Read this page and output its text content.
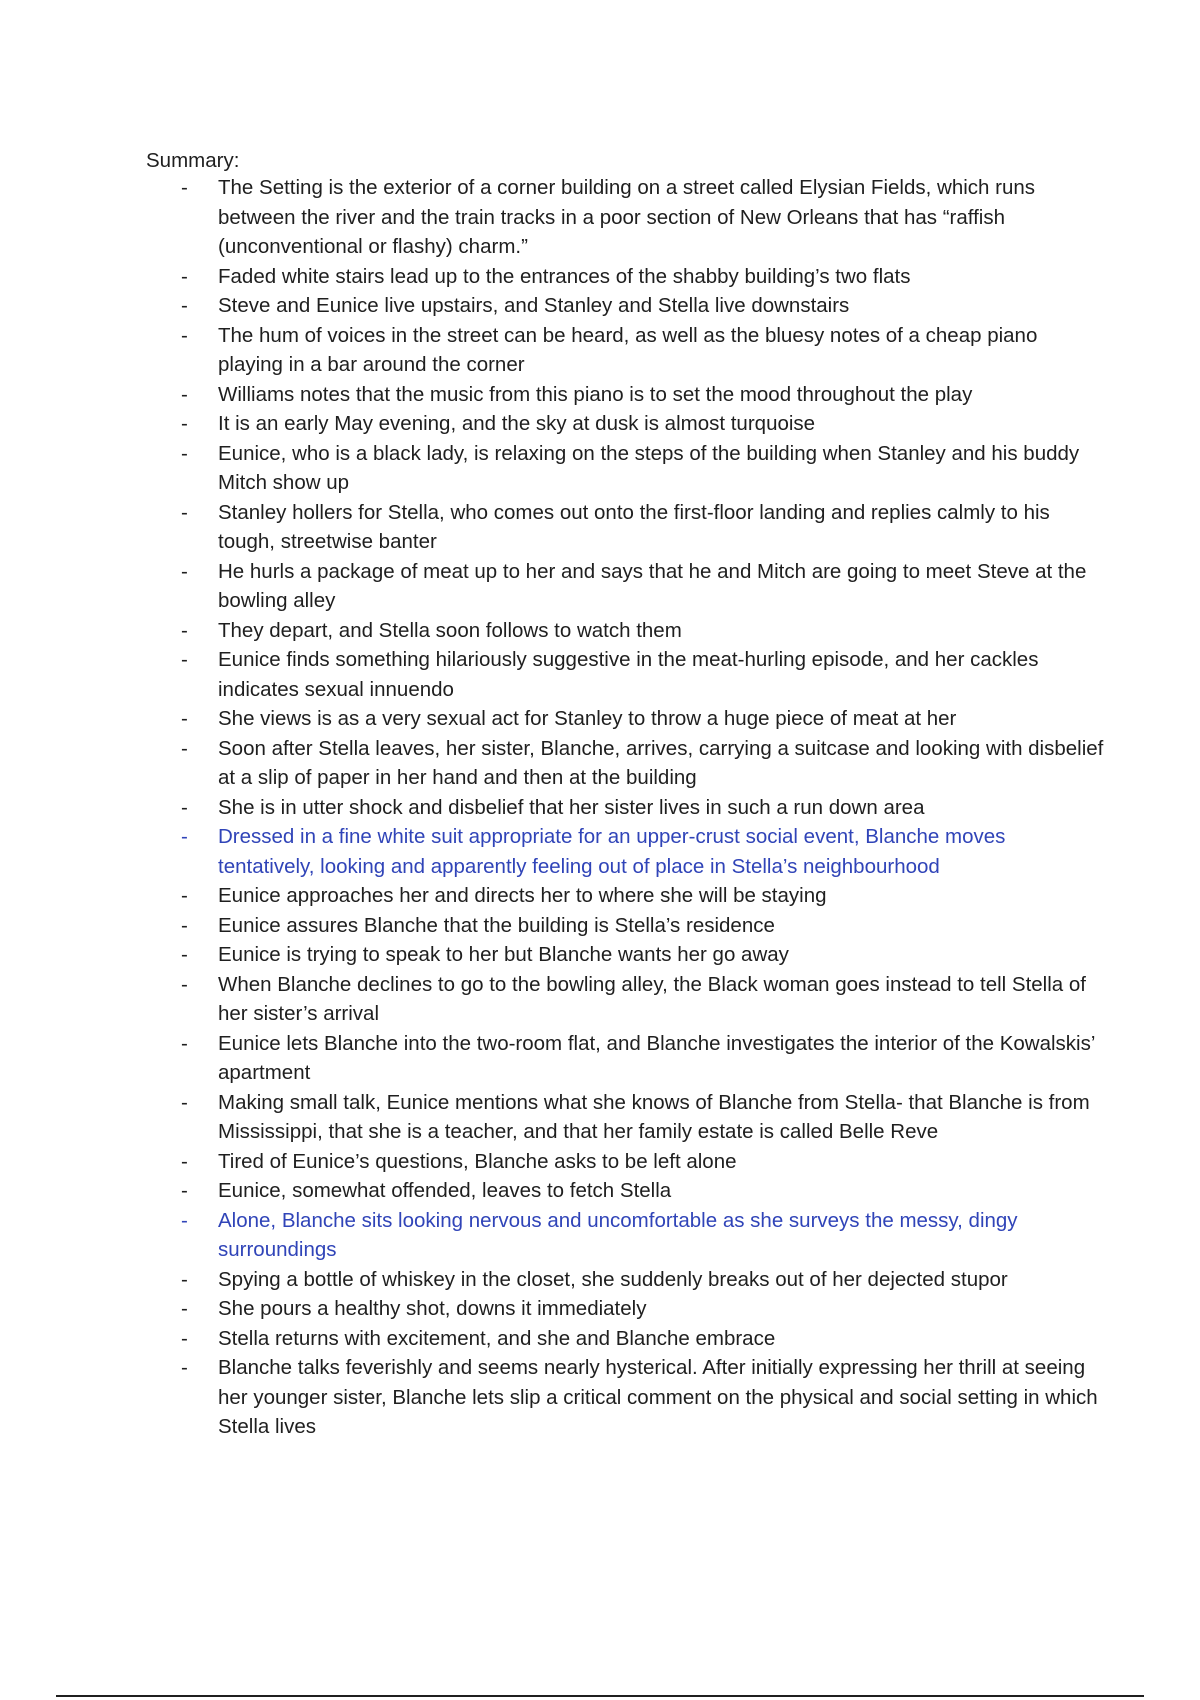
Summary:
- The Setting is the exterior of a corner building on a street called Elysian Fields, which runs between the river and the train tracks in a poor section of New Orleans that has “raffish (unconventional or flashy) charm.”
- Faded white stairs lead up to the entrances of the shabby building’s two flats
- Steve and Eunice live upstairs, and Stanley and Stella live downstairs
- The hum of voices in the street can be heard, as well as the bluesy notes of a cheap piano playing in a bar around the corner
- Williams notes that the music from this piano is to set the mood throughout the play
- It is an early May evening, and the sky at dusk is almost turquoise
- Eunice, who is a black lady, is relaxing on the steps of the building when Stanley and his buddy Mitch show up
- Stanley hollers for Stella, who comes out onto the first-floor landing and replies calmly to his tough, streetwise banter
- He hurls a package of meat up to her and says that he and Mitch are going to meet Steve at the bowling alley
- They depart, and Stella soon follows to watch them
- Eunice finds something hilariously suggestive in the meat-hurling episode, and her cackles indicates sexual innuendo
- She views is as a very sexual act for Stanley to throw a huge piece of meat at her
- Soon after Stella leaves, her sister, Blanche, arrives, carrying a suitcase and looking with disbelief at a slip of paper in her hand and then at the building
- She is in utter shock and disbelief that her sister lives in such a run down area
- Dressed in a fine white suit appropriate for an upper-crust social event, Blanche moves tentatively, looking and apparently feeling out of place in Stella’s neighbourhood
- Eunice approaches her and directs her to where she will be staying
- Eunice assures Blanche that the building is Stella’s residence
- Eunice is trying to speak to her but Blanche wants her go away
- When Blanche declines to go to the bowling alley, the Black woman goes instead to tell Stella of her sister’s arrival
- Eunice lets Blanche into the two-room flat, and Blanche investigates the interior of the Kowalskis’ apartment
- Making small talk, Eunice mentions what she knows of Blanche from Stella- that Blanche is from Mississippi, that she is a teacher, and that her family estate is called Belle Reve
- Tired of Eunice’s questions, Blanche asks to be left alone
- Eunice, somewhat offended, leaves to fetch Stella
- Alone, Blanche sits looking nervous and uncomfortable as she surveys the messy, dingy surroundings
- Spying a bottle of whiskey in the closet, she suddenly breaks out of her dejected stupor
- She pours a healthy shot, downs it immediately
- Stella returns with excitement, and she and Blanche embrace
- Blanche talks feverishly and seems nearly hysterical. After initially expressing her thrill at seeing her younger sister, Blanche lets slip a critical comment on the physical and social setting in which Stella lives
